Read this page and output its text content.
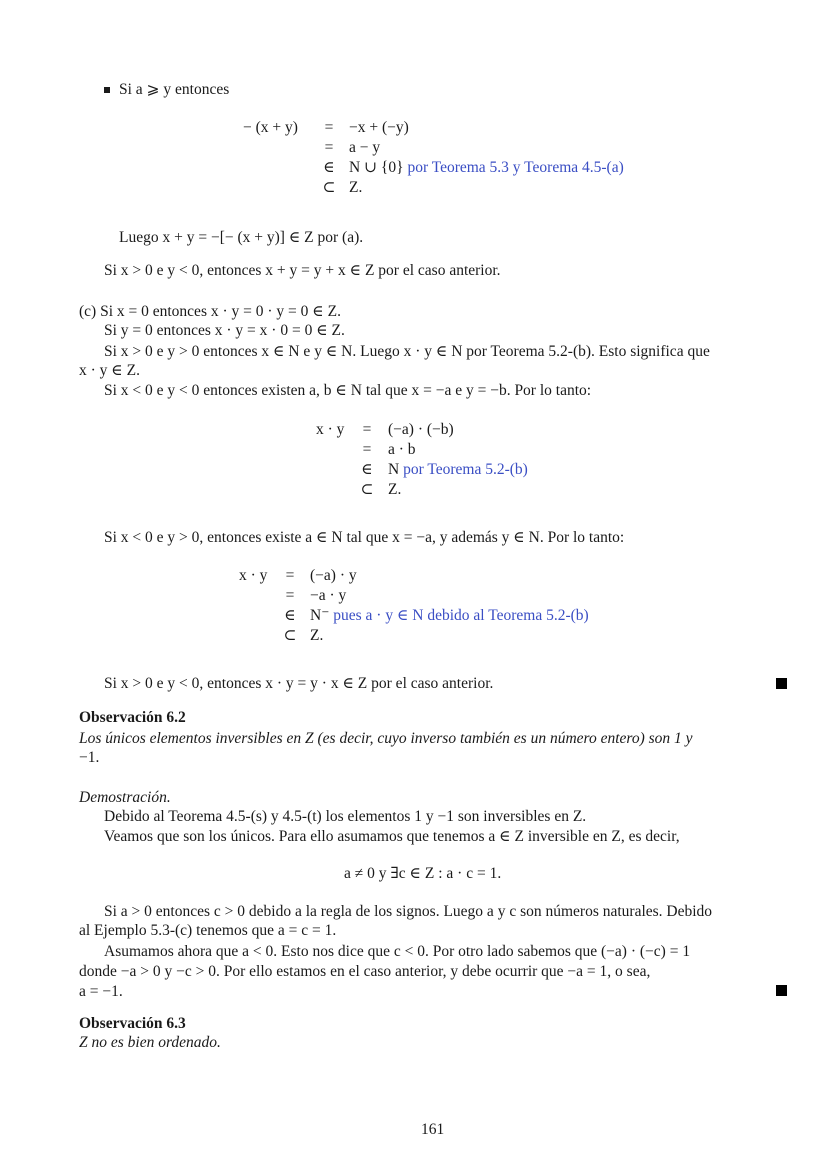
Si a ⩾ y entonces
− (x + y) =
=
∈
⊂
−x + (−y)
a − y
N ∪ {0} por Teorema 5.3 y Teorema 4.5-(a)
Z.
Luego x + y = −[− (x + y)] ∈ Z por (a).
Si x > 0 e y < 0, entonces x + y = y + x ∈ Z por el caso anterior.
(c) Si x = 0 entonces x · y = 0 · y = 0 ∈ Z.
Si y = 0 entonces x · y = x · 0 = 0 ∈ Z.
Si x > 0 e y > 0 entonces x ∈ N e y ∈ N. Luego x · y ∈ N por Teorema 5.2-(b). Esto significa que
x · y ∈ Z.
Si x < 0 e y < 0 entonces existen a, b ∈ N tal que x = −a e y = −b. Por lo tanto:
x · y =
=
∈
⊂
(−a) · (−b)
a · b
N por Teorema 5.2-(b)
Z.
Si x < 0 e y > 0, entonces existe a ∈ N tal que x = −a, y además y ∈ N. Por lo tanto:
x · y =
=
∈
⊂
(−a) · y
−a · y
N⁻ pues a · y ∈ N debido al Teorema 5.2-(b)
Z.
Si x > 0 e y < 0, entonces x · y = y · x ∈ Z por el caso anterior.
Observación 6.2
Los únicos elementos inversibles en Z (es decir, cuyo inverso también es un número entero) son 1 y
−1.
Demostración.
Debido al Teorema 4.5-(s) y 4.5-(t) los elementos 1 y −1 son inversibles en Z.
Veamos que son los únicos. Para ello asumamos que tenemos a ∈ Z inversible en Z, es decir,
a ≠ 0 y ∃c ∈ Z : a · c = 1.
Si a > 0 entonces c > 0 debido a la regla de los signos. Luego a y c son números naturales. Debido
al Ejemplo 5.3-(c) tenemos que a = c = 1.
Asumamos ahora que a < 0. Esto nos dice que c < 0. Por otro lado sabemos que (−a) · (−c) = 1
donde −a > 0 y −c > 0. Por ello estamos en el caso anterior, y debe ocurrir que −a = 1, o sea,
a = −1.
Observación 6.3
Z no es bien ordenado.
161
